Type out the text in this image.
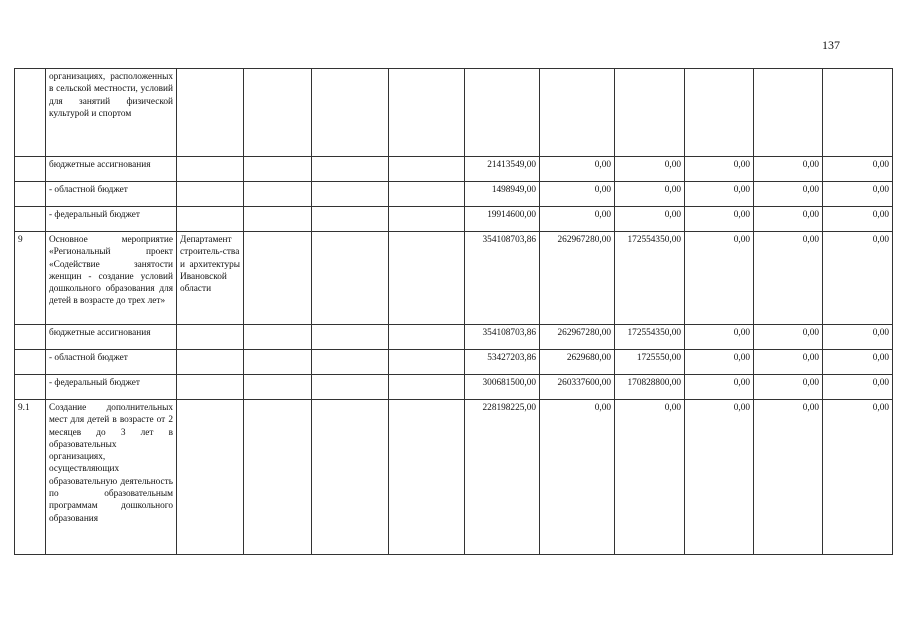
137
	организациях, расположенных в сельской местности, условий для занятий физической культурой и спортом										
	бюджетные ассигнования					21413549,00	0,00	0,00	0,00	0,00	0,00
	- областной бюджет					1498949,00	0,00	0,00	0,00	0,00	0,00
	- федеральный бюджет					19914600,00	0,00	0,00	0,00	0,00	0,00
9	Основное мероприятие «Региональный проект «Содействие занятости женщин - создание условий дошкольного образования для детей в возрасте до трех лет»	Департамент строитель-ства и архитектуры Ивановской области				354108703,86	262967280,00	172554350,00	0,00	0,00	0,00
	бюджетные ассигнования					354108703,86	262967280,00	172554350,00	0,00	0,00	0,00
	- областной бюджет					53427203,86	2629680,00	1725550,00	0,00	0,00	0,00
	- федеральный бюджет					300681500,00	260337600,00	170828800,00	0,00	0,00	0,00
9.1	Создание дополнительных мест для детей в возрасте от 2 месяцев до 3 лет в образовательных организациях, осуществляющих образовательную деятельность по образовательным программам дошкольного образования					228198225,00	0,00	0,00	0,00	0,00	0,00
